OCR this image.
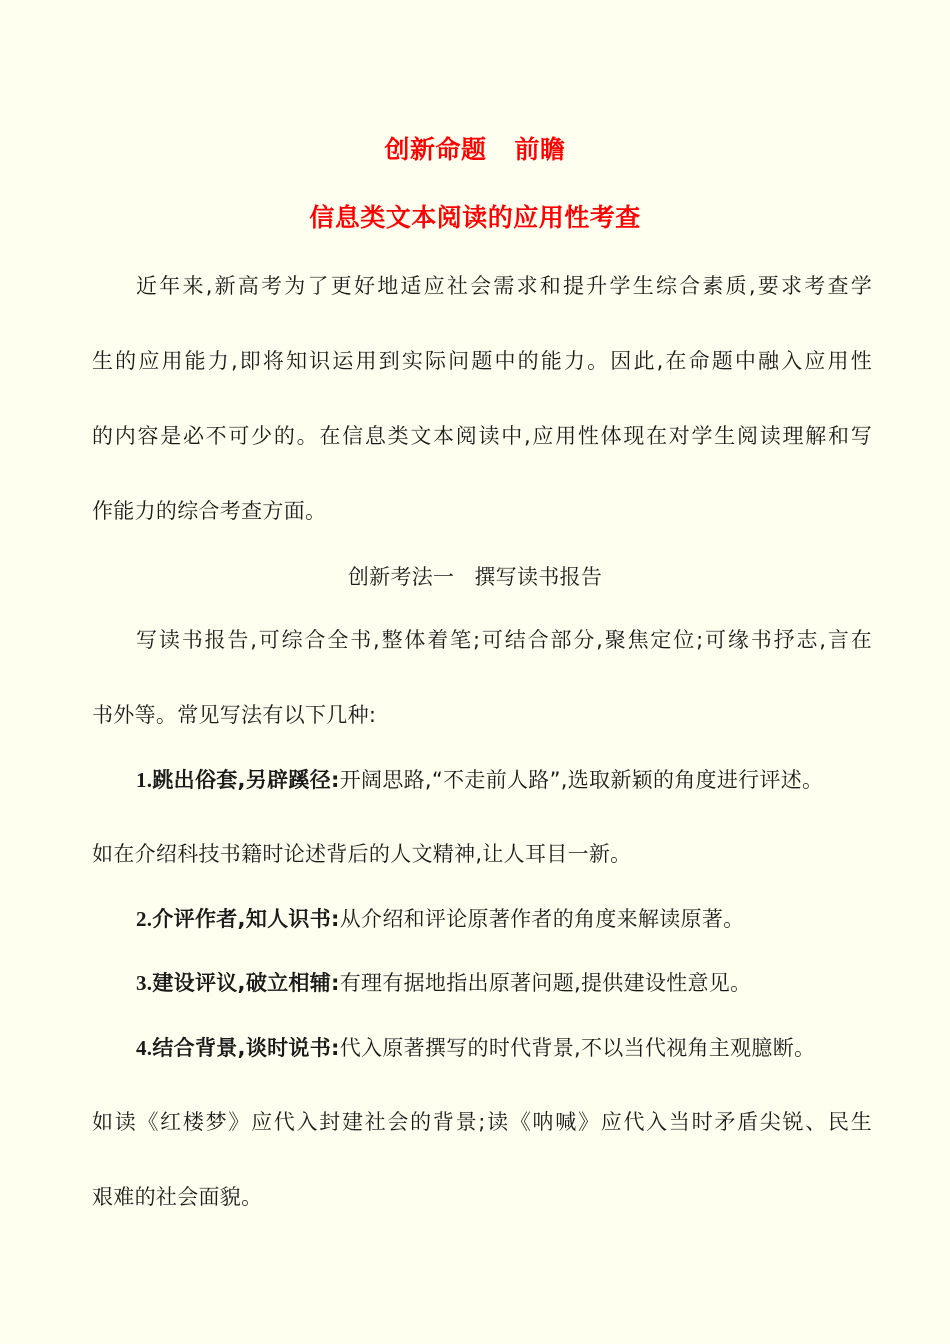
创新命题 前瞻
信息类文本阅读的应用性考查
近年来,新高考为了更好地适应社会需求和提升学生综合素质,要求考查学
生的应用能力,即将知识运用到实际问题中的能力。因此,在命题中融入应用性
的内容是必不可少的。在信息类文本阅读中,应用性体现在对学生阅读理解和写
作能力的综合考查方面。
创新考法一 撰写读书报告
写读书报告,可综合全书,整体着笔;可结合部分,聚焦定位;可缘书抒志,言在
书外等。常见写法有以下几种:
1.跳出俗套,另辟蹊径:开阔思路,“不走前人路”,选取新颖的角度进行评述。
如在介绍科技书籍时论述背后的人文精神,让人耳目一新。
2.介评作者,知人识书:从介绍和评论原著作者的角度来解读原著。
3.建设评议,破立相辅:有理有据地指出原著问题,提供建设性意见。
4.结合背景,谈时说书:代入原著撰写的时代背景,不以当代视角主观臆断。
如读《红楼梦》应代入封建社会的背景;读《呐喊》应代入当时矛盾尖锐、民生
艰难的社会面貌。
